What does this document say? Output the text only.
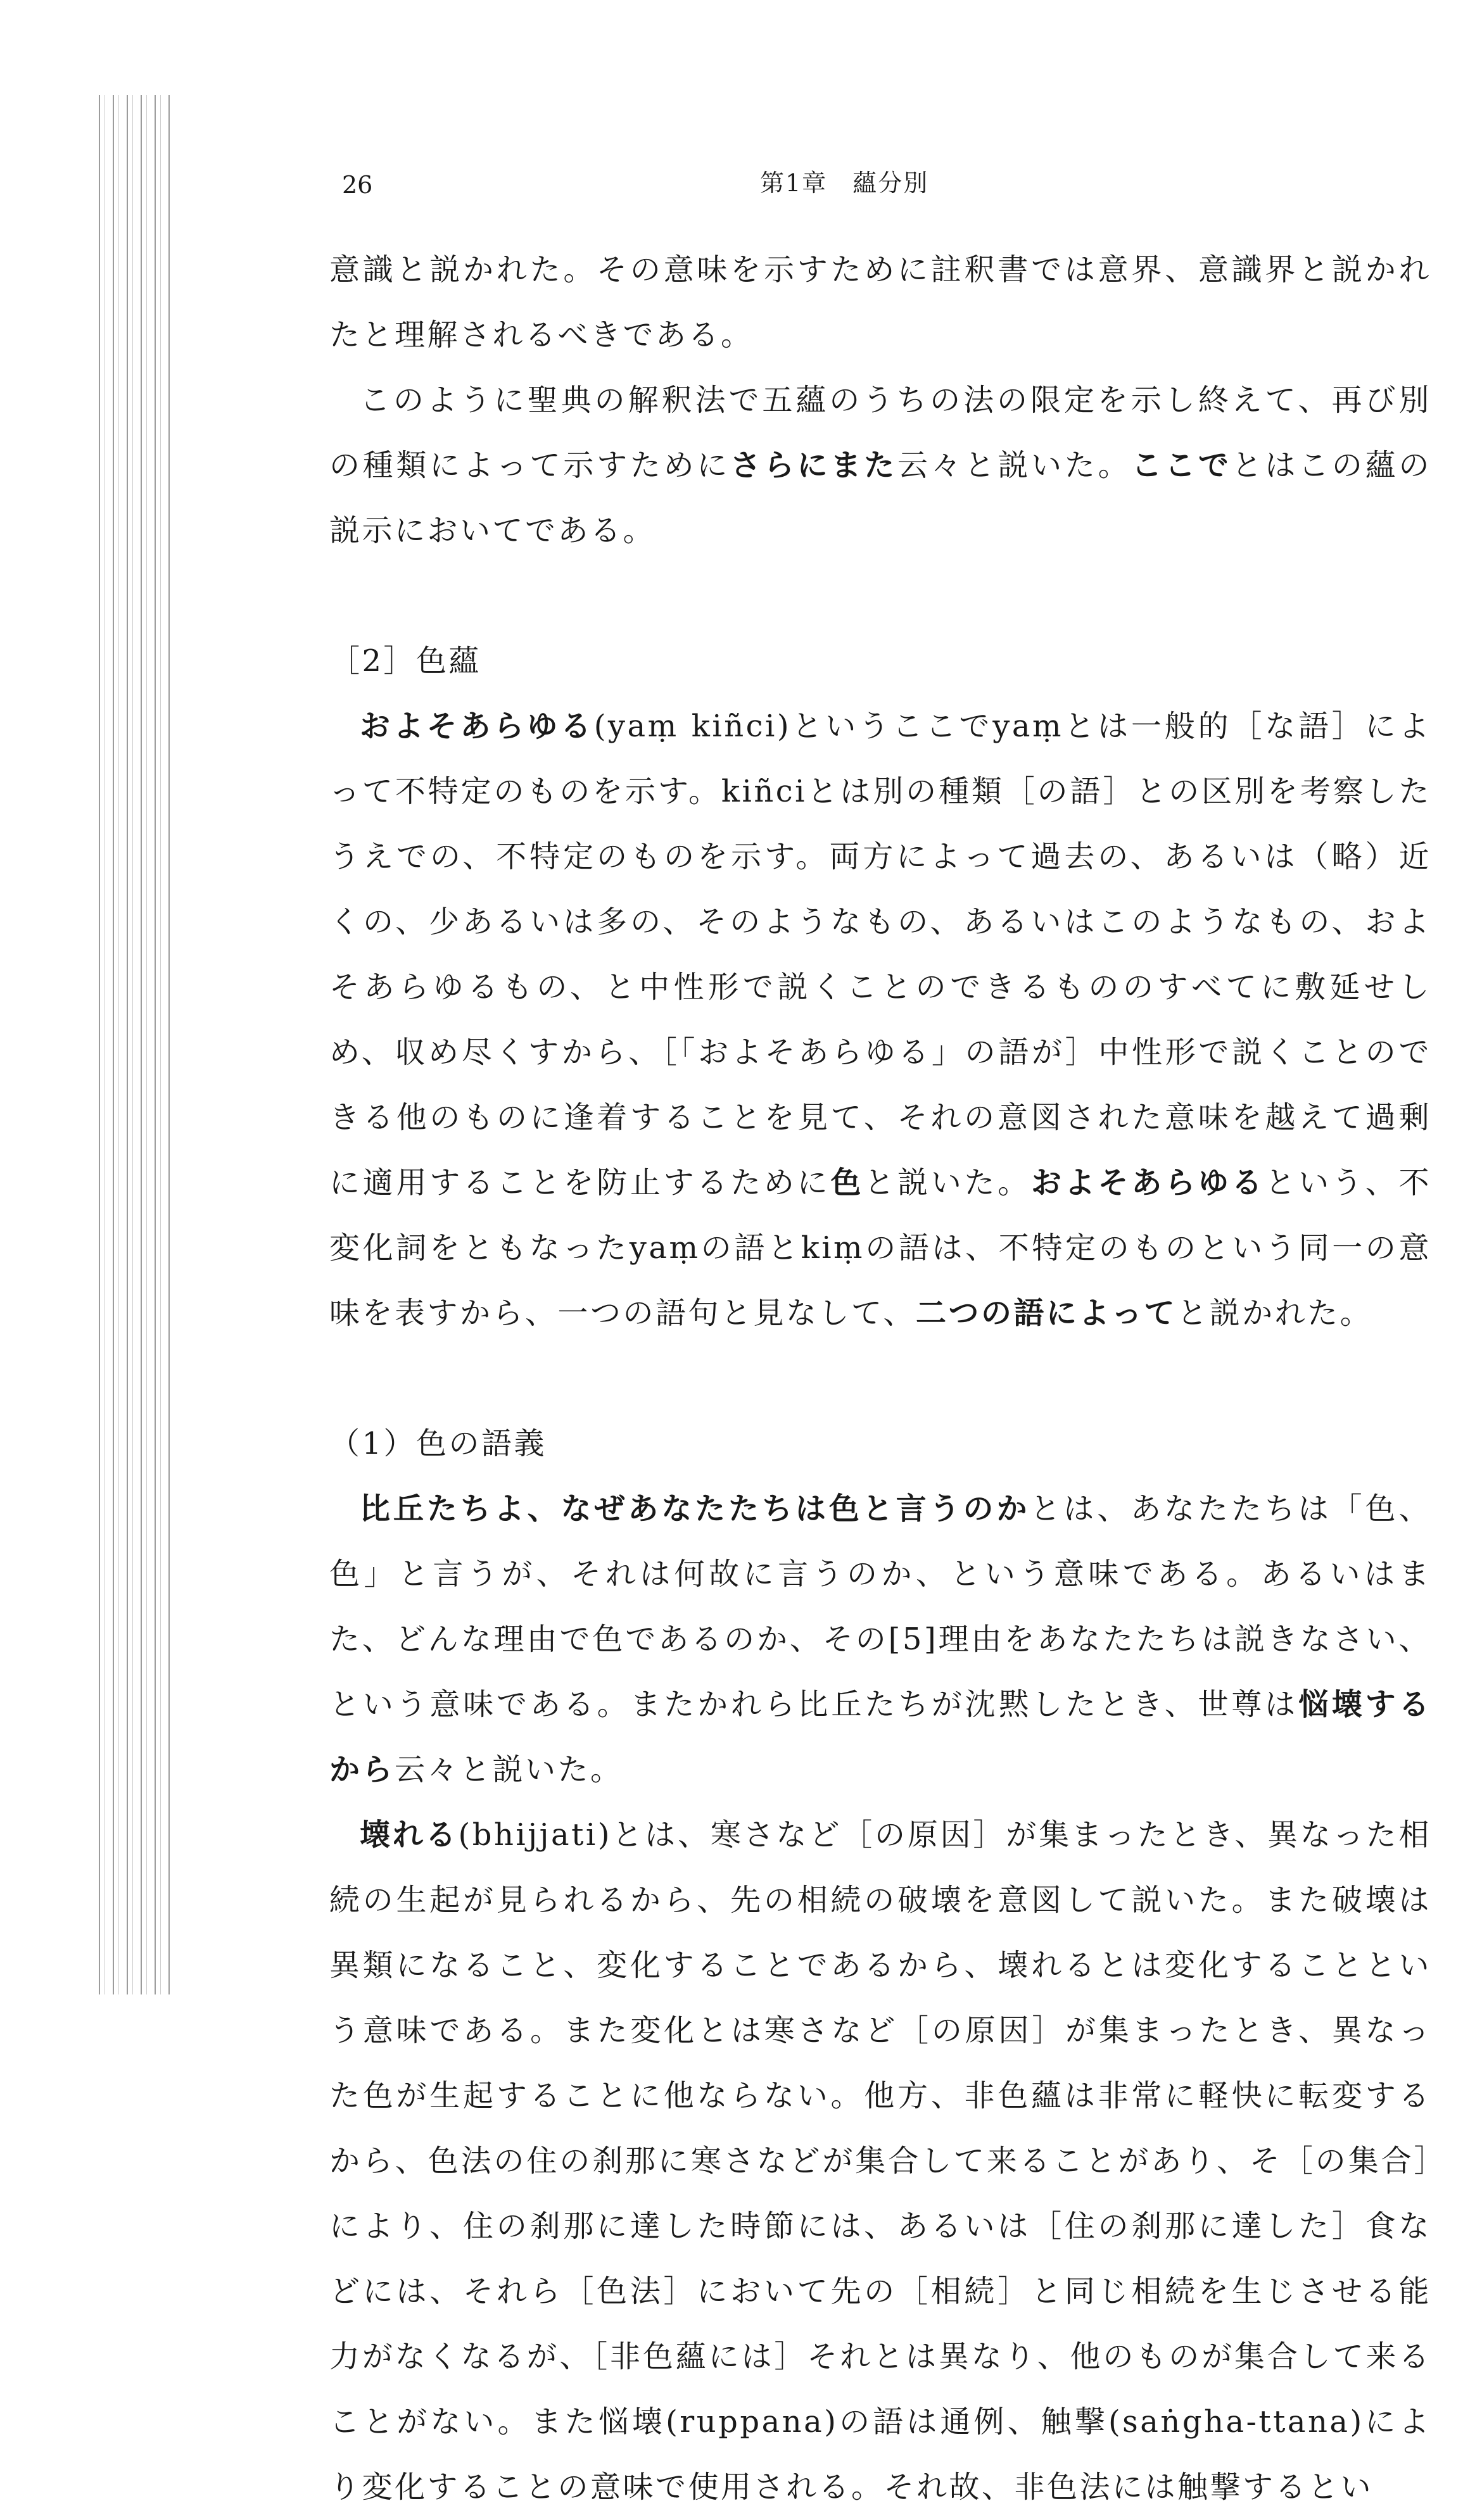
26	第1章 蘊分別

意識と説かれた。その意味を示すために註釈書では意界、意識界と説かれたと理解されるべきである。

このように聖典の解釈法で五蘊のうちの法の限定を示し終えて、再び別の種類によって示すためにさらにまた云々と説いた。ここでとはこの蘊の説示においてである。

［2］色蘊

およそあらゆる(yaṃ kiñci)というここでyaṃとは一般的［な語］によって不特定のものを示す。kiñciとは別の種類［の語］との区別を考察したうえでの、不特定のものを示す。両方によって過去の、あるいは（略）近くの、少あるいは多の、そのようなもの、あるいはこのようなもの、およそあらゆるもの、と中性形で説くことのできるもののすべてに敷延せしめ、収め尽くすから、［「およそあらゆる」の語が］中性形で説くことのできる他のものに逢着することを見て、それの意図された意味を越えて過剰に適用することを防止するために色と説いた。およそあらゆるという、不変化詞をともなったyaṃの語とkiṃの語は、不特定のものという同一の意味を表すから、一つの語句と見なして、二つの語によってと説かれた。

（1）色の語義

比丘たちよ、なぜあなたたちは色と言うのかとは、あなたたちは「色、色」と言うが、それは何故に言うのか、という意味である。あるいはまた、どんな理由で色であるのか、その[5]理由をあなたたちは説きなさい、という意味である。またかれら比丘たちが沈黙したとき、世尊は悩壊するから云々と説いた。

壊れる(bhijjati)とは、寒さなど［の原因］が集まったとき、異なった相続の生起が見られるから、先の相続の破壊を意図して説いた。また破壊は異類になること、変化することであるから、壊れるとは変化することという意味である。また変化とは寒さなど［の原因］が集まったとき、異なった色が生起することに他ならない。他方、非色蘊は非常に軽快に転変するから、色法の住の刹那に寒さなどが集合して来ることがあり、そ［の集合］により、住の刹那に達した時節には、あるいは［住の刹那に達した］食などには、それら［色法］において先の［相続］と同じ相続を生じさせる能力がなくなるが、［非色蘊には］それとは異なり、他のものが集合して来ることがない。また悩壊(ruppana)の語は通例、触撃(saṅgha-ttana)により変化することの意味で使用される。それ故、非色法には触撃するとい
